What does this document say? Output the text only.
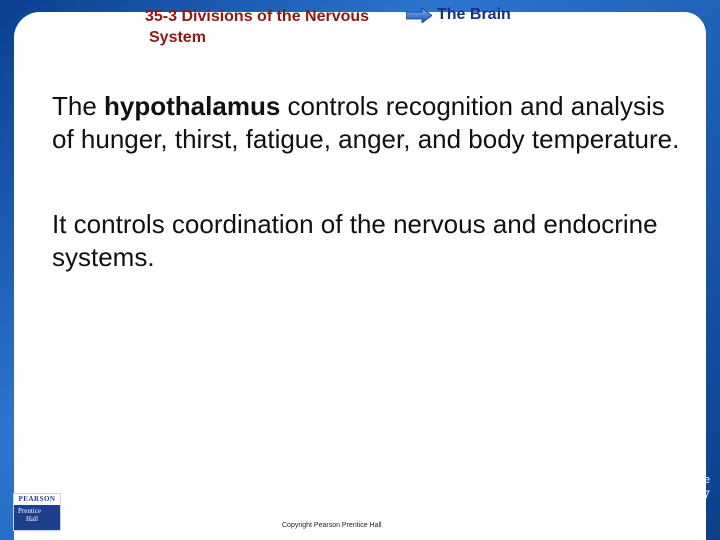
35-3 Divisions of the Nervous
System
The Brain
The hypothalamus controls recognition and analysis of hunger, thirst, fatigue, anger, and body temperature.
It controls coordination of the nervous and endocrine systems.
Slide
19 of 37
Copyright Pearson Prentice Hall
PEARSON
Prentice
Hall
